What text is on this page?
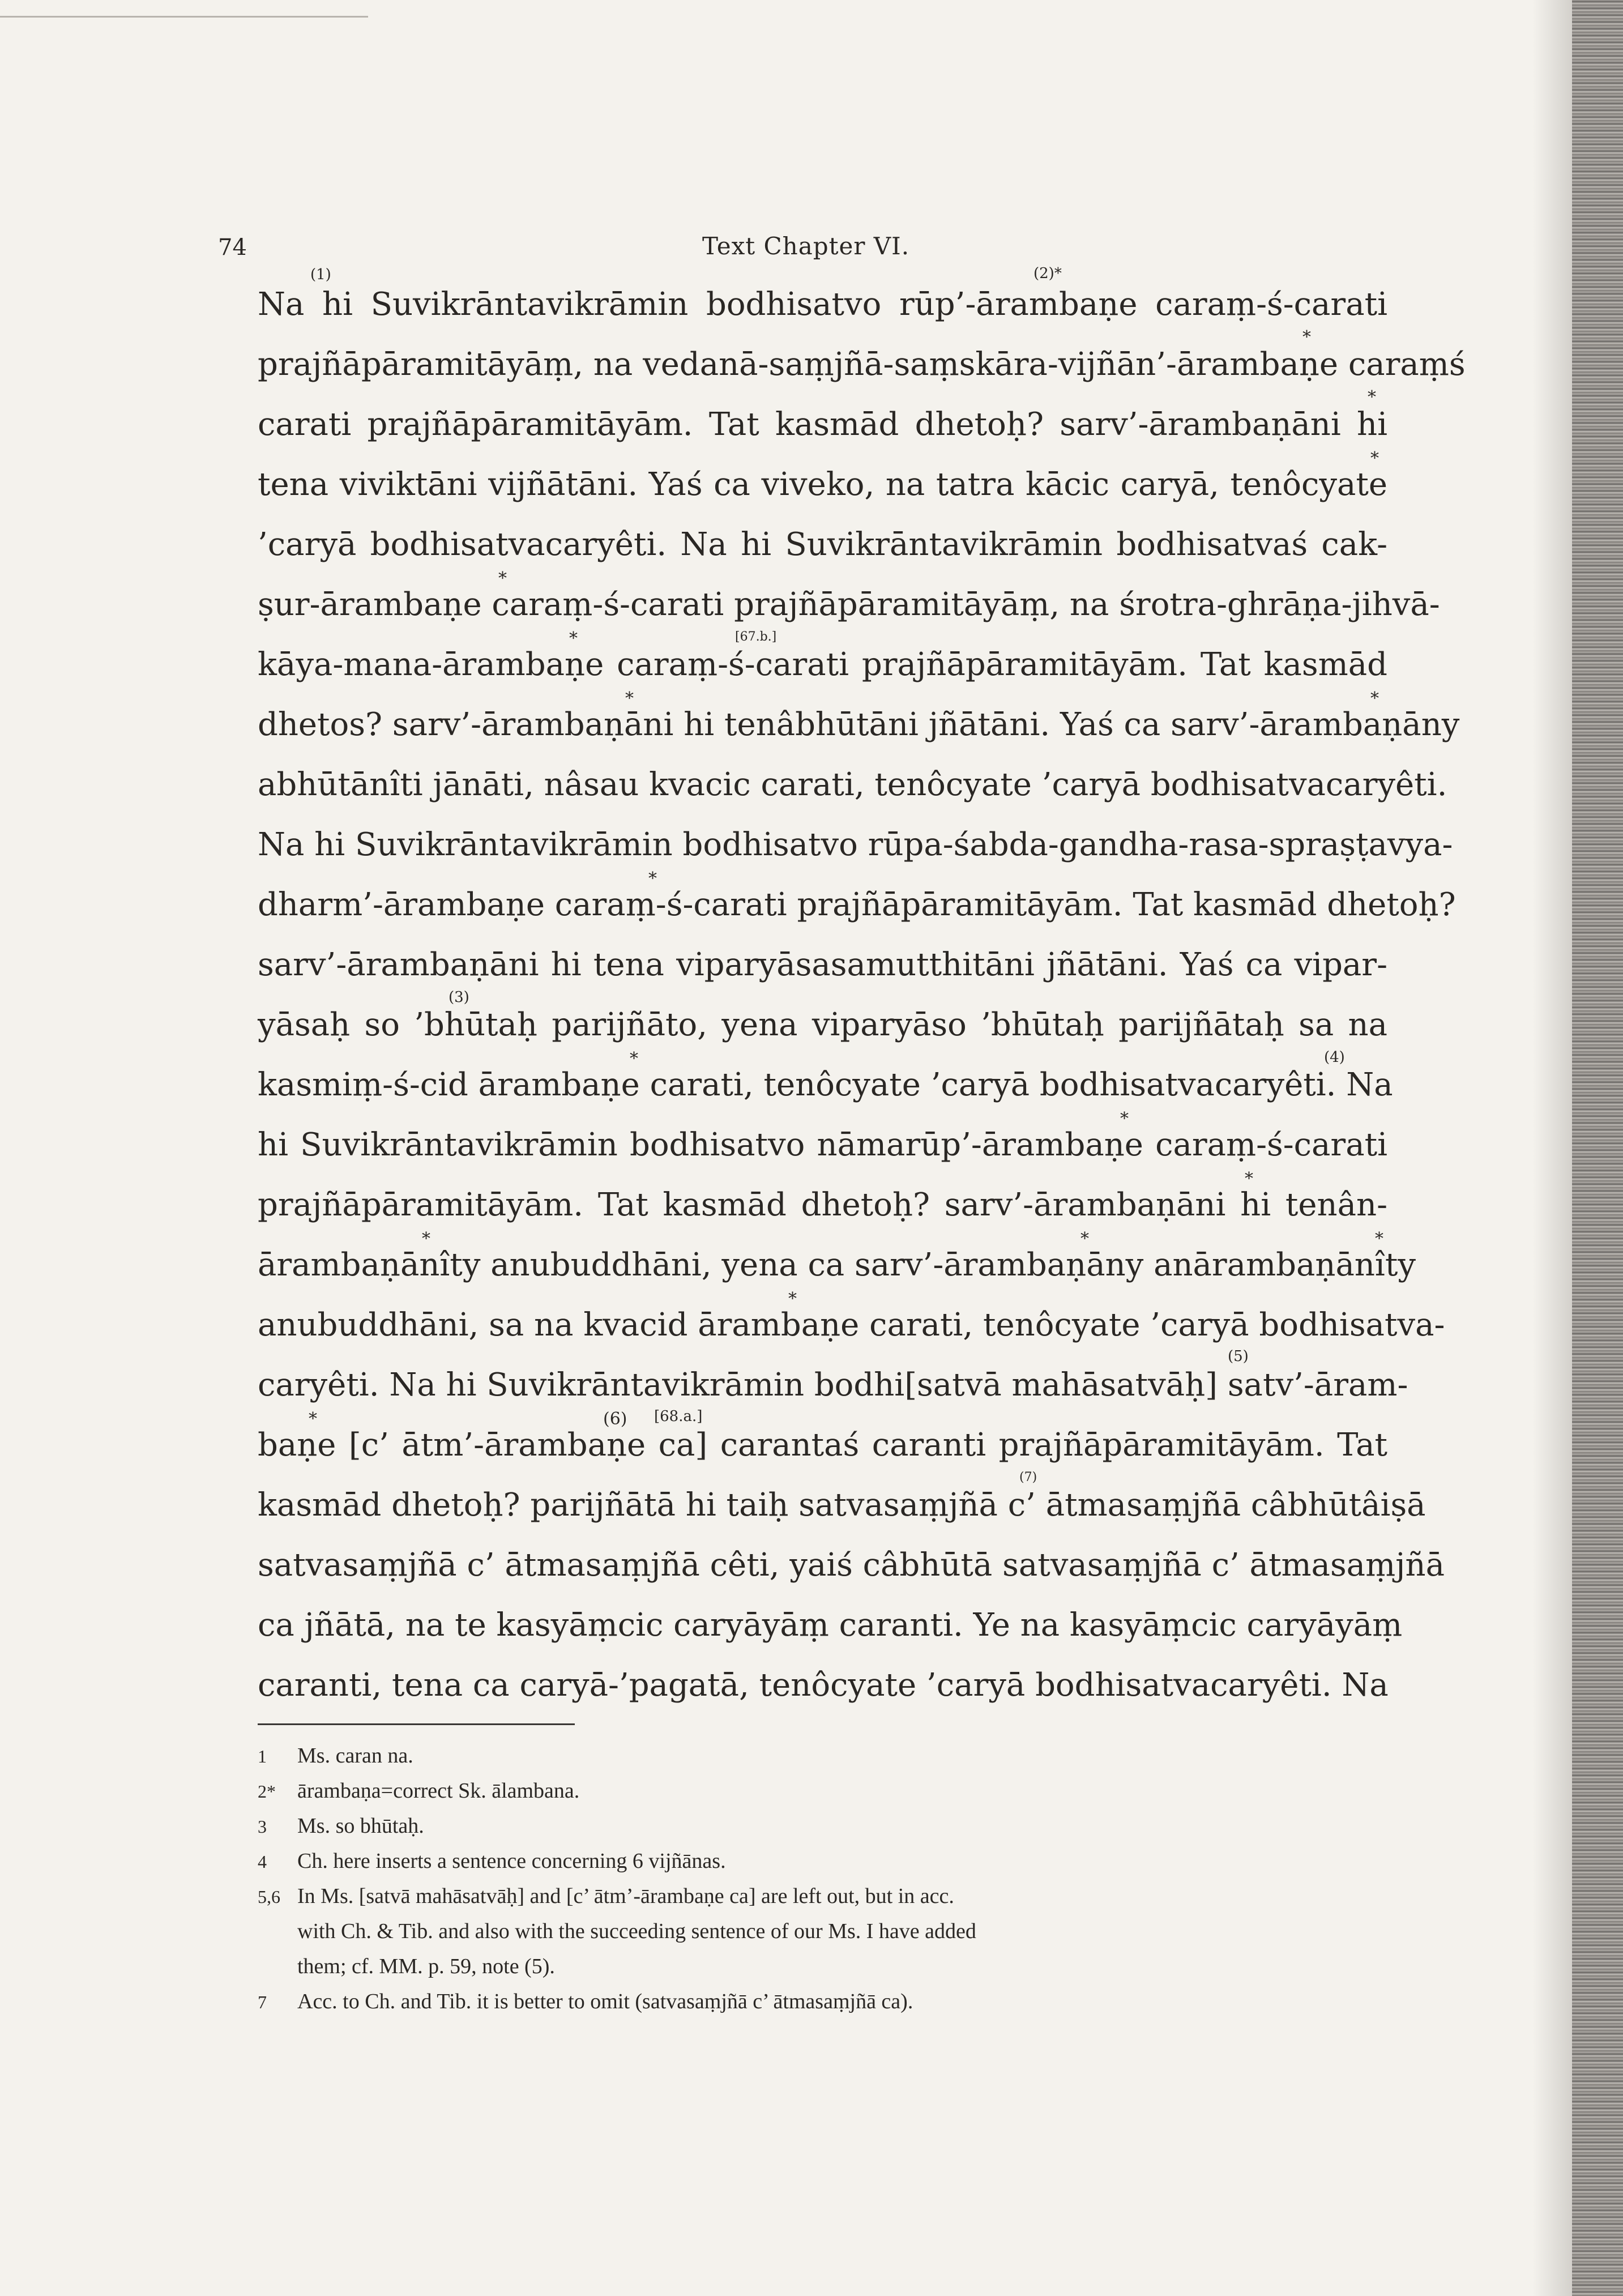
74	Text Chapter VI.
Na hi Suvikrāntavikrāmin bodhisatvo rūp’-ārambaṇe caraṃ-ś-carati
prajñāpāramitāyāṃ, na vedanā-saṃjñā-saṃskāra-vijñān’-ārambaṇe caraṃś
carati prajñāpāramitāyām. Tat kasmād dhetoḥ? sarv’-ārambaṇāni hi
tena viviktāni vijñātāni. Yaś ca viveko, na tatra kācic caryā, tenôcyate
’caryā bodhisatvacaryêti. Na hi Suvikrāntavikrāmin bodhisatvaś cak-
ṣur-ārambaṇe caraṃ-ś-carati prajñāpāramitāyāṃ, na śrotra-ghrāṇa-jihvā-
kāya-mana-ārambaṇe caraṃ-ś-carati prajñāpāramitāyām. Tat kasmād
dhetos? sarv’-ārambaṇāni hi tenâbhūtāni jñātāni. Yaś ca sarv’-ārambaṇāny
abhūtānîti jānāti, nâsau kvacic carati, tenôcyate ’caryā bodhisatvacaryêti.
Na hi Suvikrāntavikrāmin bodhisatvo rūpa-śabda-gandha-rasa-spraṣṭavya-
dharm’-ārambaṇe caraṃ-ś-carati prajñāpāramitāyām. Tat kasmād dhetoḥ?
sarv’-ārambaṇāni hi tena viparyāsasamutthitāni jñātāni. Yaś ca vipar-
yāsaḥ so ’bhūtaḥ parijñāto, yena viparyāso ’bhūtaḥ parijñātaḥ sa na
kasmiṃ-ś-cid ārambaṇe carati, tenôcyate ’caryā bodhisatvacaryêti. Na
hi Suvikrāntavikrāmin bodhisatvo nāmarūp’-ārambaṇe caraṃ-ś-carati
prajñāpāramitāyām. Tat kasmād dhetoḥ? sarv’-ārambaṇāni hi tenân-
ārambaṇānîty anubuddhāni, yena ca sarv’-ārambaṇāny anārambaṇānîty
anubuddhāni, sa na kvacid ārambaṇe carati, tenôcyate ’caryā bodhisatva-
caryêti. Na hi Suvikrāntavikrāmin bodhi[satvā mahāsatvāḥ] satv’-āram-
baṇe [c’ ātm’-ārambaṇe ca] carantaś caranti prajñāpāramitāyām. Tat
kasmād dhetoḥ? parijñātā hi taiḥ satvasaṃjñā c’ ātmasaṃjñā câbhūtâiṣā
satvasaṃjñā c’ ātmasaṃjñā cêti, yaiś câbhūtā satvasaṃjñā c’ ātmasaṃjñā
ca jñātā, na te kasyāṃcic caryāyāṃ caranti. Ye na kasyāṃcic caryāyāṃ
caranti, tena ca caryā-’pagatā, tenôcyate ’caryā bodhisatvacaryêti. Na
(1)	(2)*
*
*
*
*
[67.b.]
*
*	*
*
(3)
(4)
*
*
*
*	*	*
(5)
*
*	(6) [68.a.]
(7)
1 Ms. caran na.
2* ārambaṇa=correct Sk. ālambana.
3 Ms. so bhūtaḥ.
4 Ch. here inserts a sentence concerning 6 vijñānas.
5,6 In Ms. [satvā mahāsatvāḥ] and [c’ ātm’-ārambaṇe ca] are left out, but in acc.
with Ch. & Tib. and also with the succeeding sentence of our Ms. I have added
them; cf. MM. p. 59, note (5).
7 Acc. to Ch. and Tib. it is better to omit (satvasaṃjñā c’ ātmasaṃjñā ca).
